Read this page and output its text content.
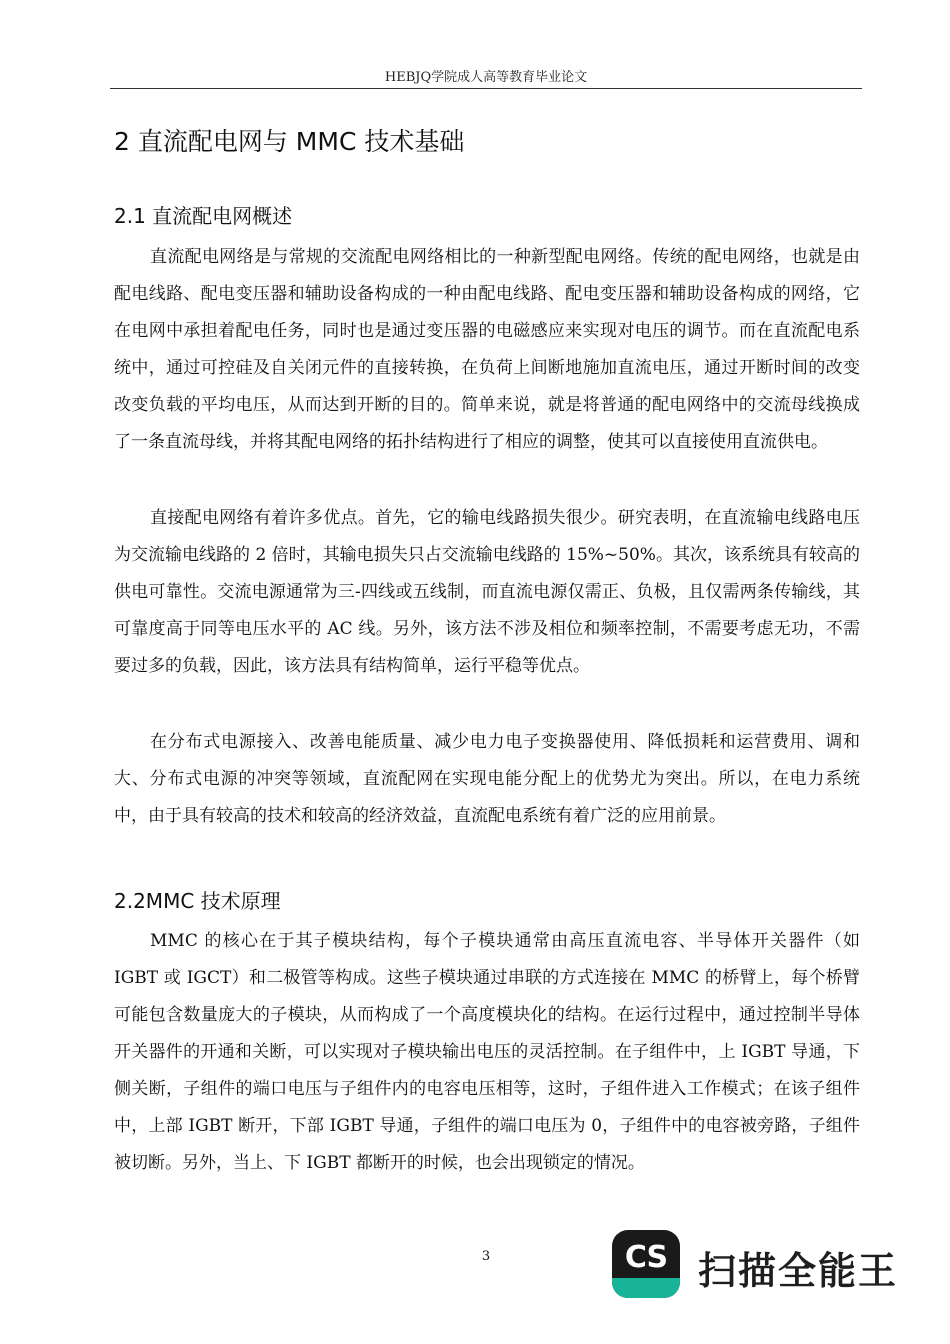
HEBJQ学院成人高等教育毕业论文
2 直流配电网与 MMC 技术基础
2.1 直流配电网概述

直流配电网络是与常规的交流配电网络相比的一种新型配电网络。传统的配电网络，也就是由配电线路、配电变压器和辅助设备构成的一种由配电线路、配电变压器和辅助设备构成的网络，它在电网中承担着配电任务，同时也是通过变压器的电磁感应来实现对电压的调节。而在直流配电系统中，通过可控硅及自关闭元件的直接转换，在负荷上间断地施加直流电压，通过开断时间的改变改变负载的平均电压，从而达到开断的目的。简单来说，就是将普通的配电网络中的交流母线换成了一条直流母线，并将其配电网络的拓扑结构进行了相应的调整，使其可以直接使用直流供电。

直接配电网络有着许多优点。首先，它的输电线路损失很少。研究表明，在直流输电线路电压为交流输电线路的 2 倍时，其输电损失只占交流输电线路的 15%~50%。其次，该系统具有较高的供电可靠性。交流电源通常为三-四线或五线制，而直流电源仅需正、负极，且仅需两条传输线，其可靠度高于同等电压水平的 AC 线。另外，该方法不涉及相位和频率控制，不需要考虑无功，不需要过多的负载，因此，该方法具有结构简单，运行平稳等优点。

在分布式电源接入、改善电能质量、减少电力电子变换器使用、降低损耗和运营费用、调和大、分布式电源的冲突等领域，直流配网在实现电能分配上的优势尤为突出。所以，在电力系统中，由于具有较高的技术和较高的经济效益，直流配电系统有着广泛的应用前景。

2.2MMC 技术原理

MMC 的核心在于其子模块结构，每个子模块通常由高压直流电容、半导体开关器件（如 IGBT 或 IGCT）和二极管等构成。这些子模块通过串联的方式连接在 MMC 的桥臂上，每个桥臂可能包含数量庞大的子模块，从而构成了一个高度模块化的结构。在运行过程中，通过控制半导体开关器件的开通和关断，可以实现对子模块输出电压的灵活控制。在子组件中，上 IGBT 导通，下侧关断，子组件的端口电压与子组件内的电容电压相等，这时，子组件进入工作模式；在该子组件中，上部 IGBT 断开，下部 IGBT 导通，子组件的端口电压为 0，子组件中的电容被旁路，子组件被切断。另外，当上、下 IGBT 都断开的时候，也会出现锁定的情况。

3	CS 扫描全能王
